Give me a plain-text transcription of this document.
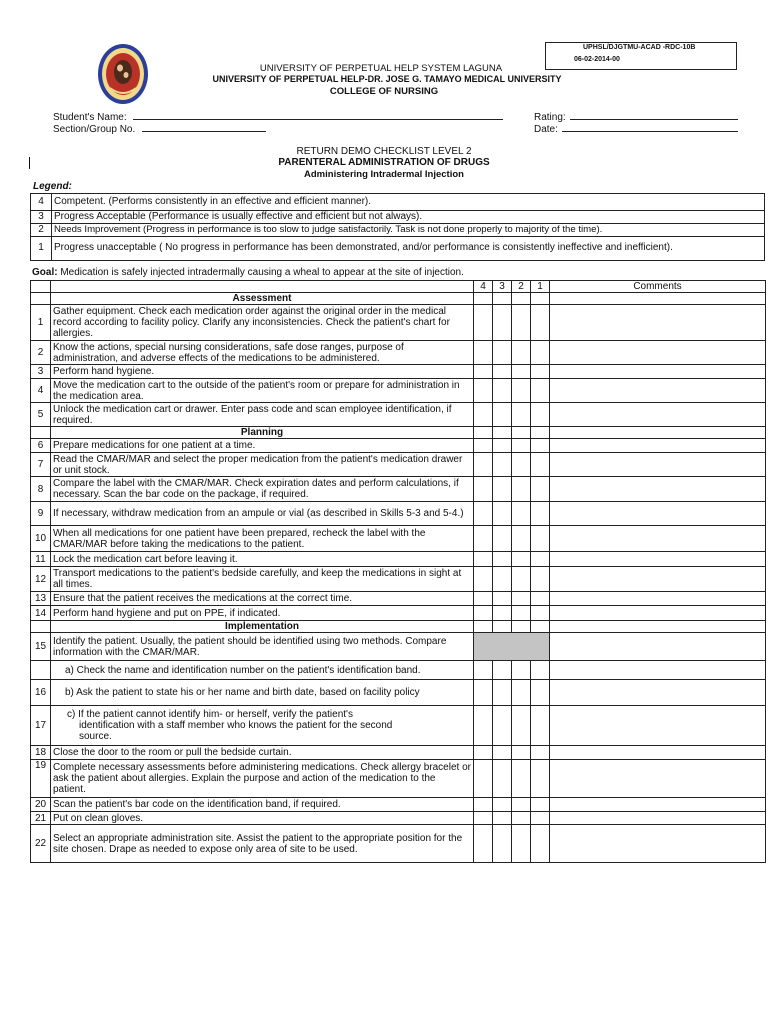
UPHSL/DJGTMU-ACAD -RDC-10B
06-02-2014-00
UNIVERSITY OF PERPETUAL HELP SYSTEM LAGUNA
UNIVERSITY OF PERPETUAL HELP-DR. JOSE G. TAMAYO MEDICAL UNIVERSITY
COLLEGE OF NURSING
Student's Name:
Section/Group No.
Rating:
Date:
RETURN DEMO CHECKLIST LEVEL 2
PARENTERAL ADMINISTRATION OF DRUGS
Administering Intradermal Injection
Legend:
4	Competent. (Performs consistently in an effective and efficient manner).
3	Progress Acceptable (Performance is usually effective and efficient but not always).
2	Needs Improvement (Progress in performance is too slow to judge satisfactorily. Task is not done properly to majority of the time).
1	Progress unacceptable ( No progress in performance has been demonstrated, and/or performance is consistently ineffective and inefficient).
Goal: Medication is safely injected intradermally causing a wheal to appear at the site of injection.
		4	3	2	1	Comments
	Assessment					
1	Gather equipment. Check each medication order against the original order in the medical record according to facility policy. Clarify any inconsistencies. Check the patient's chart for allergies.					
2	Know the actions, special nursing considerations, safe dose ranges, purpose of administration, and adverse effects of the medications to be administered.					
3	Perform hand hygiene.					
4	Move the medication cart to the outside of the patient's room or prepare for administration in the medication area.					
5	Unlock the medication cart or drawer. Enter pass code and scan employee identification, if required.					
	Planning					
6	Prepare medications for one patient at a time.					
7	Read the CMAR/MAR and select the proper medication from the patient's medication drawer or unit stock.					
8	Compare the label with the CMAR/MAR. Check expiration dates and perform calculations, if necessary. Scan the bar code on the package, if required.					
9	If necessary, withdraw medication from an ampule or vial (as described in Skills 5-3 and 5-4.)					
10	When all medications for one patient have been prepared, recheck the label with the CMAR/MAR before taking the medications to the patient.					
11	Lock the medication cart before leaving it.					
12	Transport medications to the patient's bedside carefully, and keep the medications in sight at all times.					
13	Ensure that the patient receives the medications at the correct time.					
14	Perform hand hygiene and put on PPE, if indicated.					
	Implementation					
15	Identify the patient. Usually, the patient should be identified using two methods. Compare information with the CMAR/MAR.					

	a) Check the name and identification number on the patient's identification band.					

16	b) Ask the patient to state his or her name and birth date, based on facility policy					
17	c) If the patient cannot identify him- or herself, verify the patient's identification with a staff member who knows the patient for the second source.					
18	Close the door to the room or pull the bedside curtain.					
19	Complete necessary assessments before administering medications. Check allergy bracelet or ask the patient about allergies. Explain the purpose and action of the medication to the patient.					
20	Scan the patient's bar code on the identification band, if required.					
21	Put on clean gloves.					
22	Select an appropriate administration site. Assist the patient to the appropriate position for the site chosen. Drape as needed to expose only area of site to be used.					
